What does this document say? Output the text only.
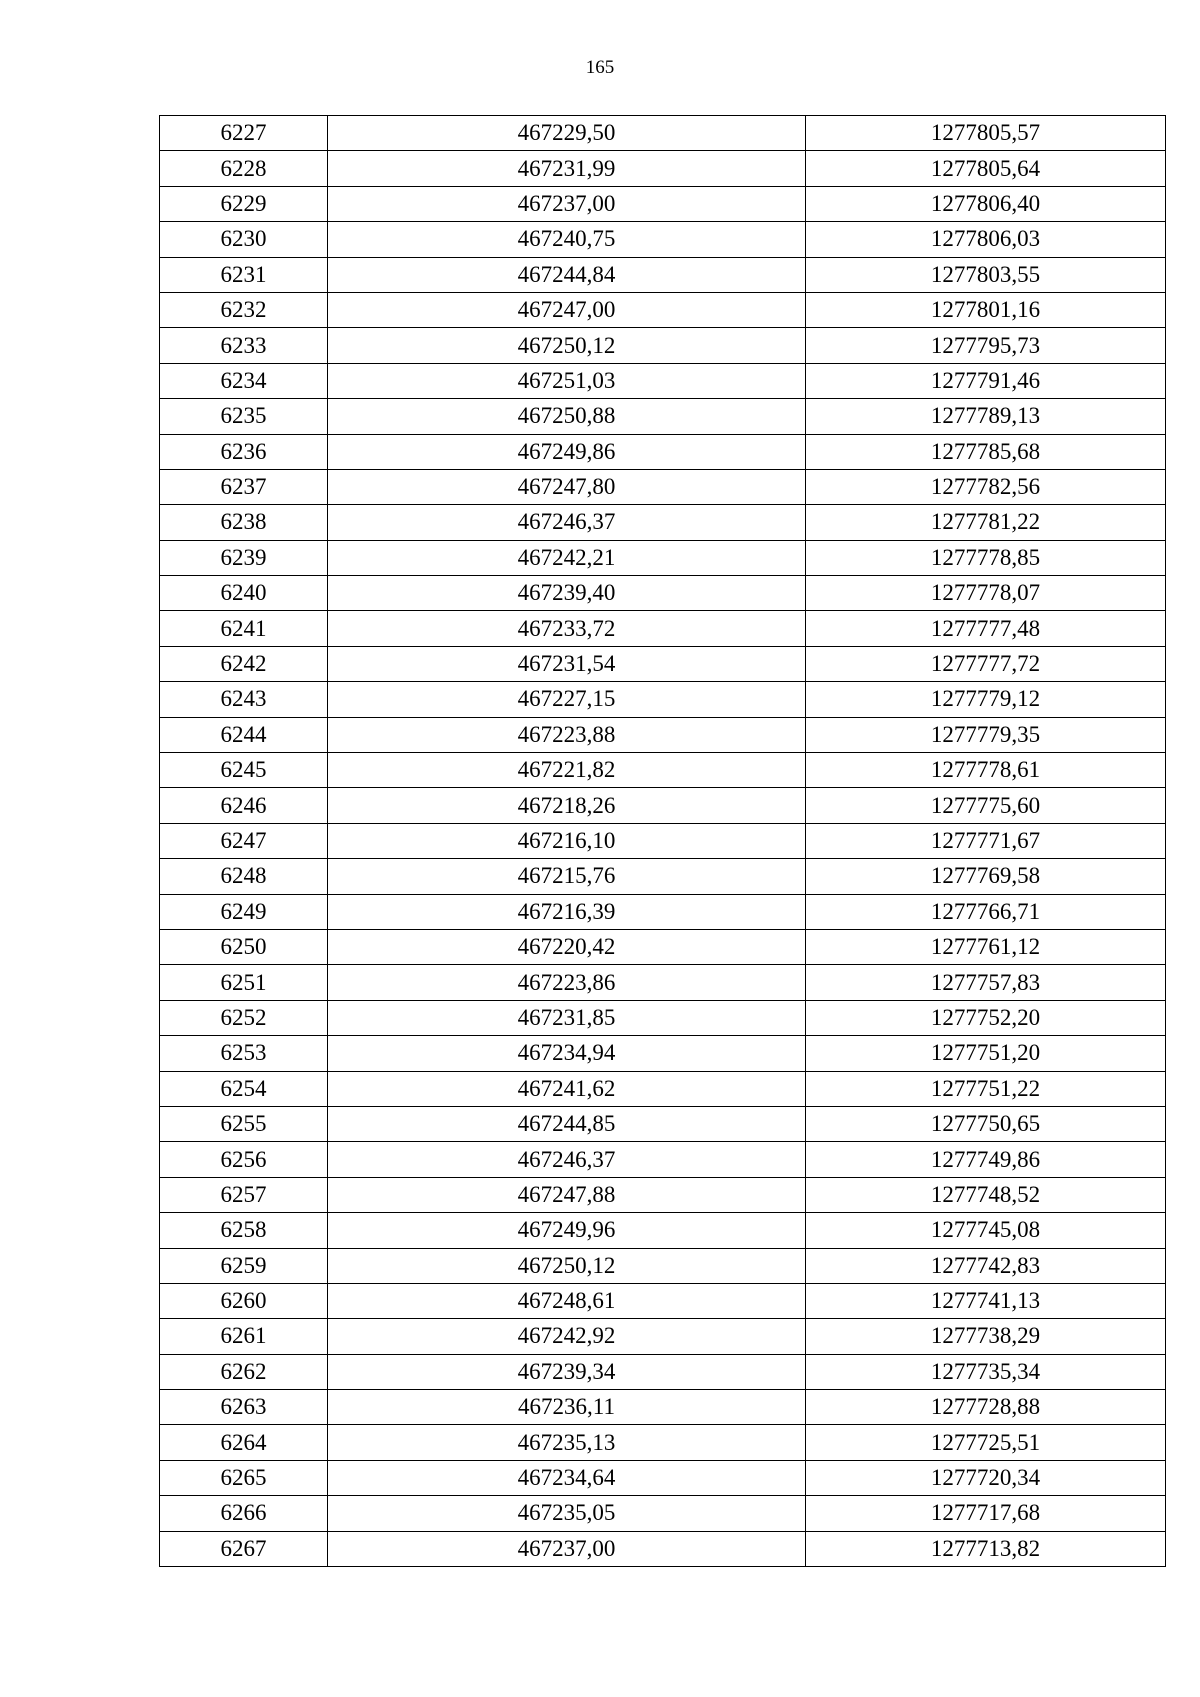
165
6227	467229,50	1277805,57
6228	467231,99	1277805,64
6229	467237,00	1277806,40
6230	467240,75	1277806,03
6231	467244,84	1277803,55
6232	467247,00	1277801,16
6233	467250,12	1277795,73
6234	467251,03	1277791,46
6235	467250,88	1277789,13
6236	467249,86	1277785,68
6237	467247,80	1277782,56
6238	467246,37	1277781,22
6239	467242,21	1277778,85
6240	467239,40	1277778,07
6241	467233,72	1277777,48
6242	467231,54	1277777,72
6243	467227,15	1277779,12
6244	467223,88	1277779,35
6245	467221,82	1277778,61
6246	467218,26	1277775,60
6247	467216,10	1277771,67
6248	467215,76	1277769,58
6249	467216,39	1277766,71
6250	467220,42	1277761,12
6251	467223,86	1277757,83
6252	467231,85	1277752,20
6253	467234,94	1277751,20
6254	467241,62	1277751,22
6255	467244,85	1277750,65
6256	467246,37	1277749,86
6257	467247,88	1277748,52
6258	467249,96	1277745,08
6259	467250,12	1277742,83
6260	467248,61	1277741,13
6261	467242,92	1277738,29
6262	467239,34	1277735,34
6263	467236,11	1277728,88
6264	467235,13	1277725,51
6265	467234,64	1277720,34
6266	467235,05	1277717,68
6267	467237,00	1277713,82
